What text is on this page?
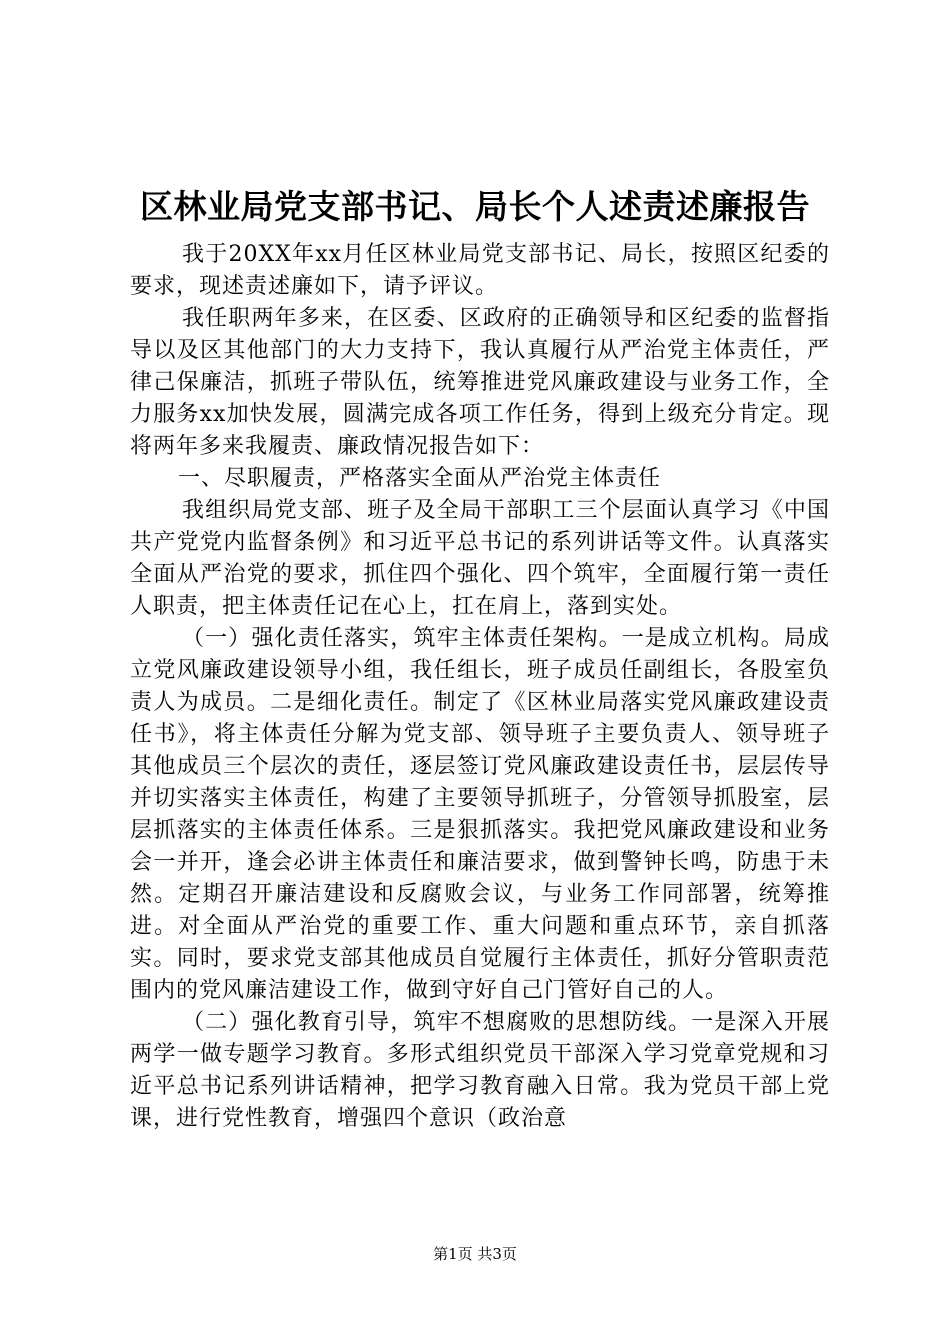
区林业局党支部书记、局长个人述责述廉报告

我于20XX年xx月任区林业局党支部书记、局长，按照区纪委的要求，现述责述廉如下，请予评议。

我任职两年多来，在区委、区政府的正确领导和区纪委的监督指导以及区其他部门的大力支持下，我认真履行从严治党主体责任，严律己保廉洁，抓班子带队伍，统筹推进党风廉政建设与业务工作，全力服务xx加快发展，圆满完成各项工作任务，得到上级充分肯定。现将两年多来我履责、廉政情况报告如下：

一、尽职履责，严格落实全面从严治党主体责任

我组织局党支部、班子及全局干部职工三个层面认真学习《中国共产党党内监督条例》和习近平总书记的系列讲话等文件。认真落实全面从严治党的要求，抓住四个强化、四个筑牢，全面履行第一责任人职责，把主体责任记在心上，扛在肩上，落到实处。

（一）强化责任落实，筑牢主体责任架构。一是成立机构。局成立党风廉政建设领导小组，我任组长，班子成员任副组长，各股室负责人为成员。二是细化责任。制定了《区林业局落实党风廉政建设责任书》，将主体责任分解为党支部、领导班子主要负责人、领导班子其他成员三个层次的责任，逐层签订党风廉政建设责任书，层层传导并切实落实主体责任，构建了主要领导抓班子，分管领导抓股室，层层抓落实的主体责任体系。三是狠抓落实。我把党风廉政建设和业务会一并开，逢会必讲主体责任和廉洁要求，做到警钟长鸣，防患于未然。定期召开廉洁建设和反腐败会议，与业务工作同部署，统筹推进。对全面从严治党的重要工作、重大问题和重点环节，亲自抓落实。同时，要求党支部其他成员自觉履行主体责任，抓好分管职责范围内的党风廉洁建设工作，做到守好自己门管好自己的人。

（二）强化教育引导，筑牢不想腐败的思想防线。一是深入开展两学一做专题学习教育。多形式组织党员干部深入学习党章党规和习近平总书记系列讲话精神，把学习教育融入日常。我为党员干部上党课，进行党性教育，增强四个意识（政治意

第1页 共3页
